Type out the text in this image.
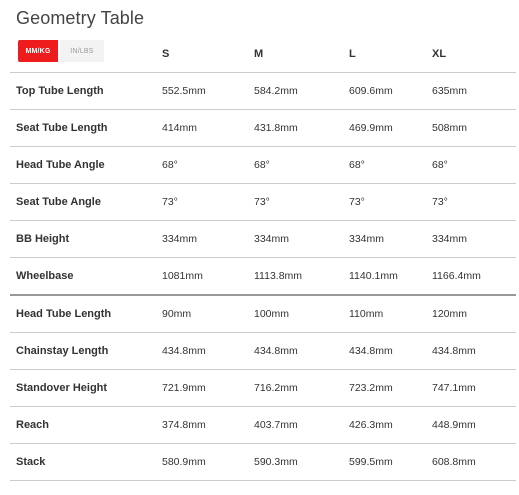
Geometry Table
	S	M	L	XL
Top Tube Length	552.5mm	584.2mm	609.6mm	635mm
Seat Tube Length	414mm	431.8mm	469.9mm	508mm
Head Tube Angle	68°	68°	68°	68°
Seat Tube Angle	73°	73°	73°	73°
BB Height	334mm	334mm	334mm	334mm
Wheelbase	1081mm	1113.8mm	1140.1mm	1166.4mm
Head Tube Length	90mm	100mm	110mm	120mm
Chainstay Length	434.8mm	434.8mm	434.8mm	434.8mm
Standover Height	721.9mm	716.2mm	723.2mm	747.1mm
Reach	374.8mm	403.7mm	426.3mm	448.9mm
Stack	580.9mm	590.3mm	599.5mm	608.8mm
MM/KG	IN/LBS
